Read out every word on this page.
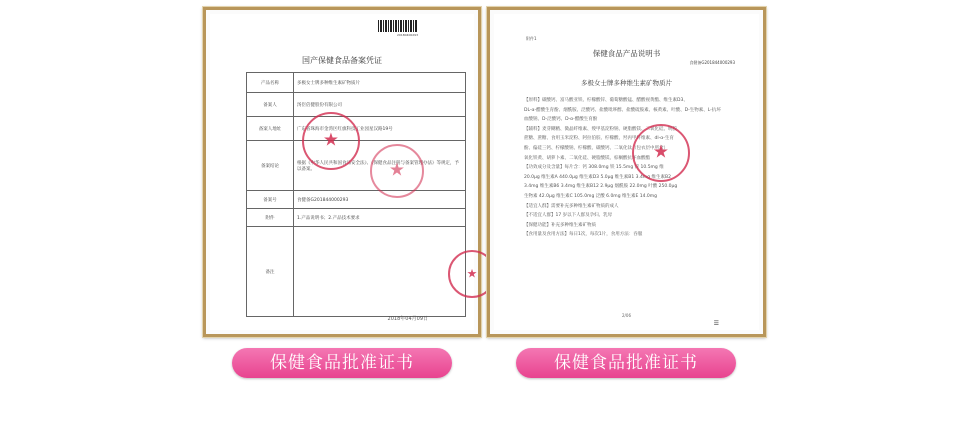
20180400293
国产保健食品备案凭证
产品名称	多极女士牌多种维生素矿物质片
备案人	汤臣倍健股份有限公司
备案人地址	广东省珠海市金湾区红旗科技工业园星汉路19号
备案结论	根据《中华人民共和国食品安全法》、《保健食品注册与备案管理办法》等规定，予以备案。
备案号	食健备G201844000293
附件	1.产品说明书；2.产品技术要求
备注	
2018年04月09日
★
★
★
附件1
保健食品产品说明书
食健备G201844000293
多极女士牌多种维生素矿物质片
【原料】碳酸钙、富马酸亚铁、柠檬酸锌、葡萄糖酸锰、醋酸视黄酯、维生素D3、
DL-α-醋酸生育酚、烟酰胺、泛酸钙、盐酸吡哆醇、盐酸硫胺素、核黄素、叶酸、D-生物素、L-抗坏
血酸钠、D-泛酸钙、D-α-醋酸生育酚
【辅料】麦芽糊精、微晶纤维素、羧甲基淀粉钠、硬脂酸镁、二氧化硅、明胶
蔗糖、蔗糖、食用玉米淀粉、阿拉伯胶、柠檬酸、羟丙甲纤维素、dl-α-生育
酚、偏硅三钙、柠檬酸钠、柠檬酸、碳酸钙、二氧化钛（包衣层中所含）
氧化铁黄、胡萝卜素、二氧化硅、硬脂酸镁、棕榈酸抗坏血酸酯
【功效成分及含量】每片含：钙 308.0mg 铁 15.5mg 锌 10.5mg 维
20.0μg 维生素A 440.0μg 维生素D3 5.0μg 维生素B1 3.4mg 维生素B2
3.4mg 维生素B6 3.4mg 维生素B12 2.9μg 烟酰胺 22.0mg 叶酸 250.0μg
生物素 42.0μg 维生素C 105.0mg 泛酸 6.0mg 维生素E 14.0mg
【适宜人群】需要补充多种维生素矿物质的成人
【不适宜人群】17 岁以下人群及孕妇、乳母
【保健功能】补充多种维生素矿物质
【食用量及食用方法】每日1次，每次1片，食用方法：吞服
2/06
☰
★
保健食品批准证书	保健食品批准证书
